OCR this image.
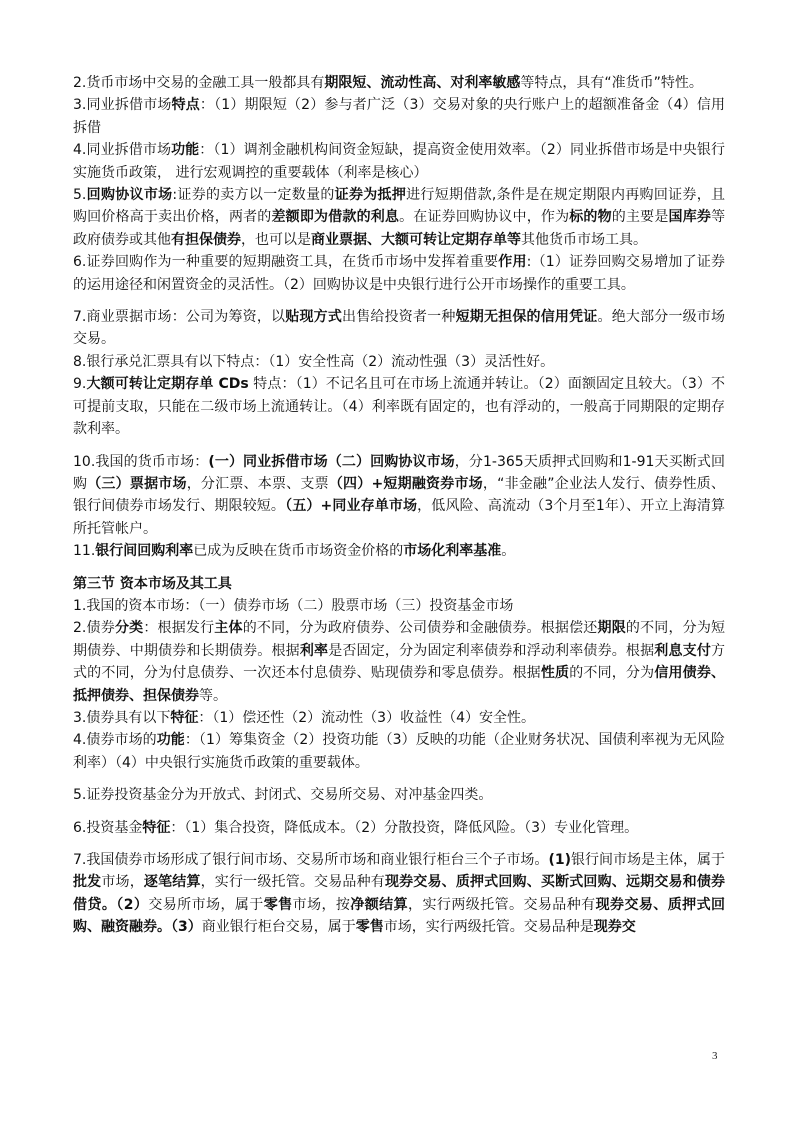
2.货币市场中交易的金融工具一般都具有期限短、流动性高、对利率敏感等特点，具有“准货币”特性。

3.同业拆借市场特点：（1）期限短（2）参与者广泛（3）交易对象的央行账户上的超额准备金（4）信用拆借

4.同业拆借市场功能：（1）调剂金融机构间资金短缺，提高资金使用效率。（2）同业拆借市场是中央银行实施货币政策， 进行宏观调控的重要载体（利率是核心）

5.回购协议市场:证券的卖方以一定数量的证券为抵押进行短期借款,条件是在规定期限内再购回证券，且购回价格高于卖出价格，两者的差额即为借款的利息。在证券回购协议中，作为标的物的主要是国库券等政府债券或其他有担保债券，也可以是商业票据、大额可转让定期存单等其他货币市场工具。

6.证券回购作为一种重要的短期融资工具，在货币市场中发挥着重要作用:（1）证券回购交易增加了证券的运用途径和闲置资金的灵活性。（2）回购协议是中央银行进行公开市场操作的重要工具。

7.商业票据市场：公司为筹资，以贴现方式出售给投资者一种短期无担保的信用凭证。绝大部分一级市场交易。

8.银行承兑汇票具有以下特点：（1）安全性高（2）流动性强（3）灵活性好。

9.大额可转让定期存单 CDs 特点：（1）不记名且可在市场上流通并转让。（2）面额固定且较大。（3）不可提前支取，只能在二级市场上流通转让。（4）利率既有固定的，也有浮动的，一般高于同期限的定期存款利率。

10.我国的货币市场：(一）同业拆借市场（二）回购协议市场，分1-365天质押式回购和1-91天买断式回购（三）票据市场，分汇票、本票、支票（四）+短期融资券市场，“非金融”企业法人发行、债券性质、银行间债券市场发行、期限较短。（五）+同业存单市场，低风险、高流动（3个月至1年）、开立上海清算所托管帐户。

11.银行间回购利率已成为反映在货币市场资金价格的市场化利率基准。

第三节 资本市场及其工具

1.我国的资本市场：（一）债券市场（二）股票市场（三）投资基金市场

2.债券分类：根据发行主体的不同，分为政府债券、公司债券和金融债券。根据偿还期限的不同，分为短期债券、中期债券和长期债券。根据利率是否固定，分为固定利率债券和浮动利率债券。根据利息支付方式的不同，分为付息债券、一次还本付息债券、贴现债券和零息债券。根据性质的不同，分为信用债券、抵押债券、担保债券等。

3.债券具有以下特征：（1）偿还性（2）流动性（3）收益性（4）安全性。

4.债券市场的功能：（1）筹集资金（2）投资功能（3）反映的功能（企业财务状况、国债利率视为无风险利率）（4）中央银行实施货币政策的重要载体。

5.证券投资基金分为开放式、封闭式、交易所交易、对冲基金四类。

6.投资基金特征：（1）集合投资，降低成本。（2）分散投资，降低风险。（3）专业化管理。

7.我国债券市场形成了银行间市场、交易所市场和商业银行柜台三个子市场。(1)银行间市场是主体，属于批发市场，逐笔结算，实行一级托管。交易品种有现券交易、质押式回购、买断式回购、远期交易和债券借贷。（2）交易所市场，属于零售市场，按净额结算，实行两级托管。交易品种有现券交易、质押式回购、融资融券。（3）商业银行柜台交易，属于零售市场，实行两级托管。交易品种是现券交

3
